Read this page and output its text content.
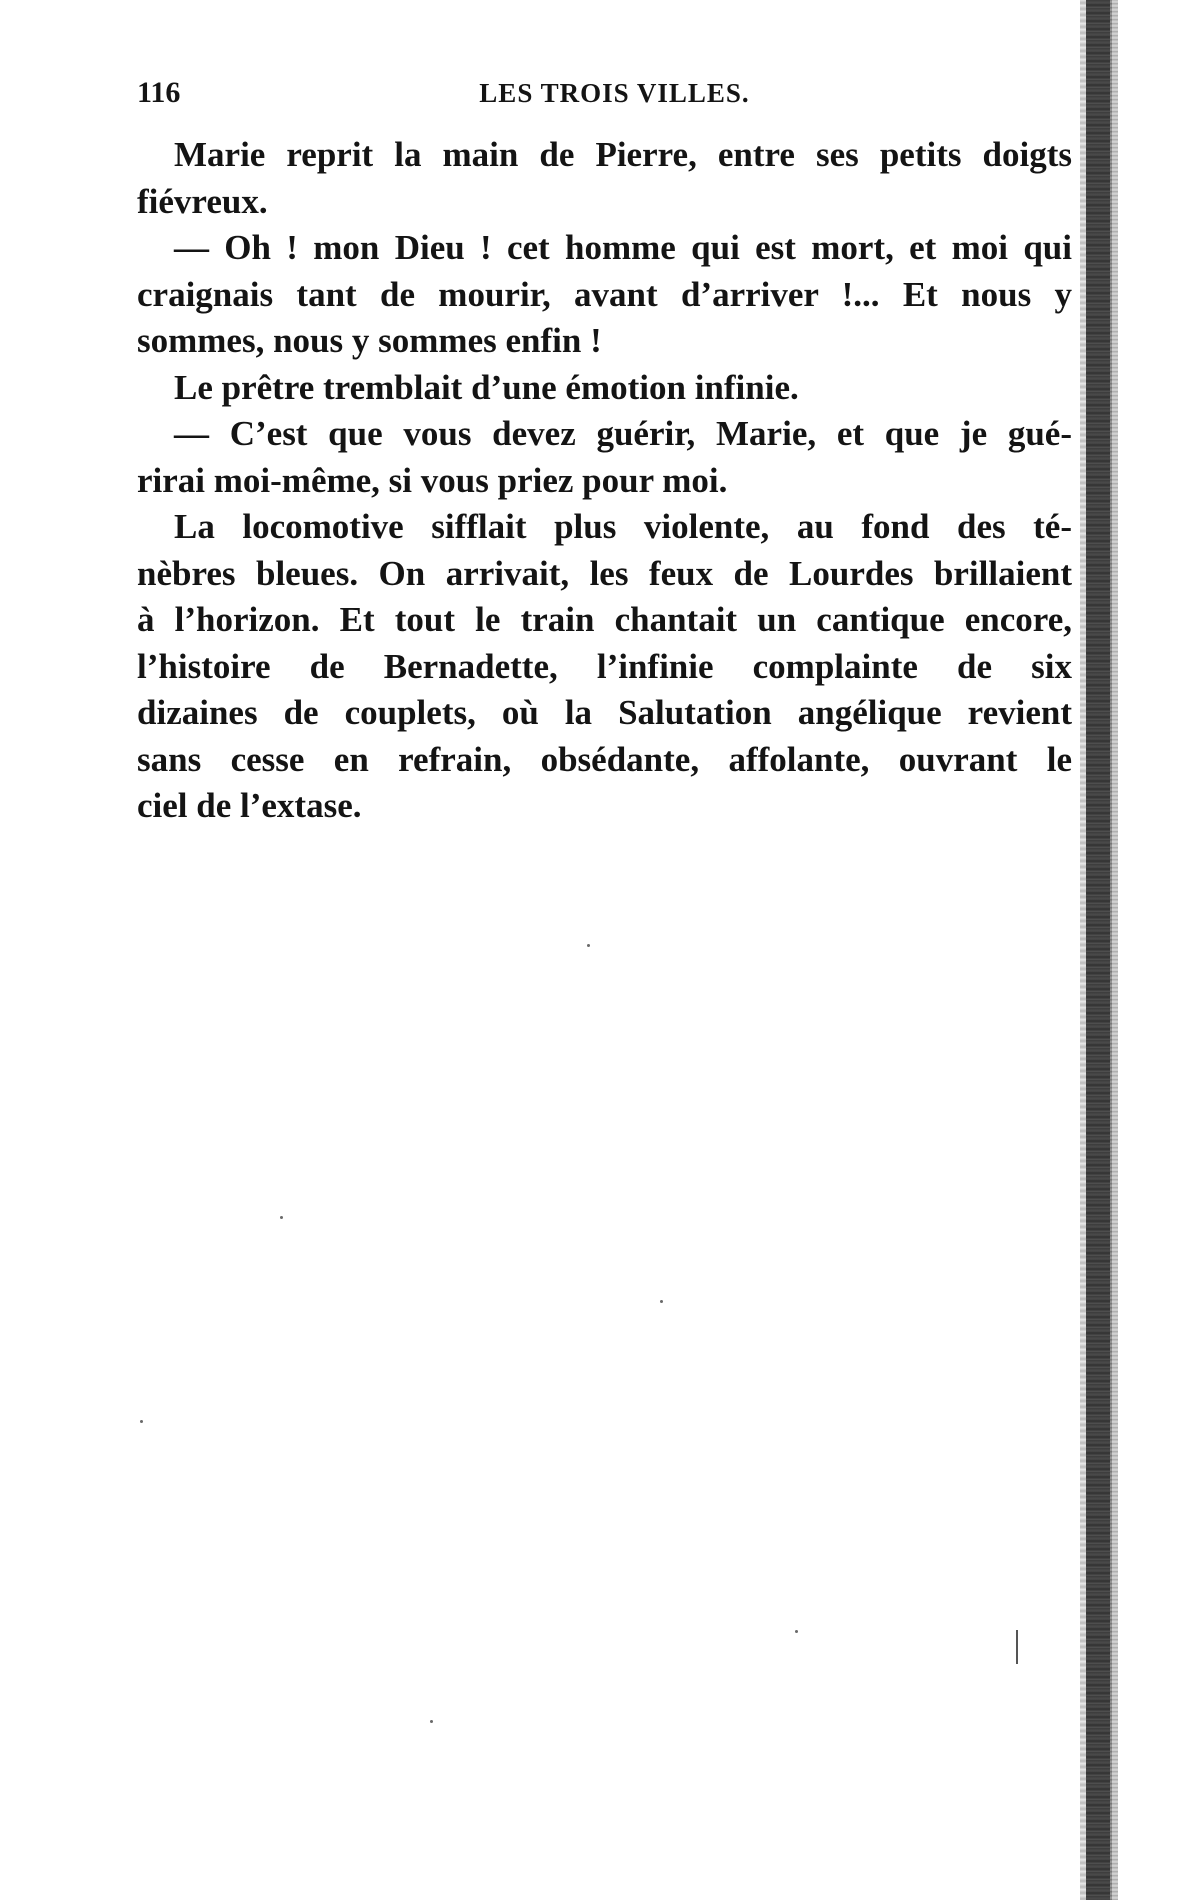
116	LES TROIS VILLES.
Marie reprit la main de Pierre, entre ses petits doigts
fiévreux.
— Oh ! mon Dieu ! cet homme qui est mort, et moi qui
craignais tant de mourir, avant d’arriver !... Et nous y
sommes, nous y sommes enfin !
Le prêtre tremblait d’une émotion infinie.
— C’est que vous devez guérir, Marie, et que je gué-
rirai moi-même, si vous priez pour moi.
La locomotive sifflait plus violente, au fond des té-
nèbres bleues. On arrivait, les feux de Lourdes brillaient
à l’horizon. Et tout le train chantait un cantique encore,
l’histoire de Bernadette, l’infinie complainte de six
dizaines de couplets, où la Salutation angélique revient
sans cesse en refrain, obsédante, affolante, ouvrant le
ciel de l’extase.
